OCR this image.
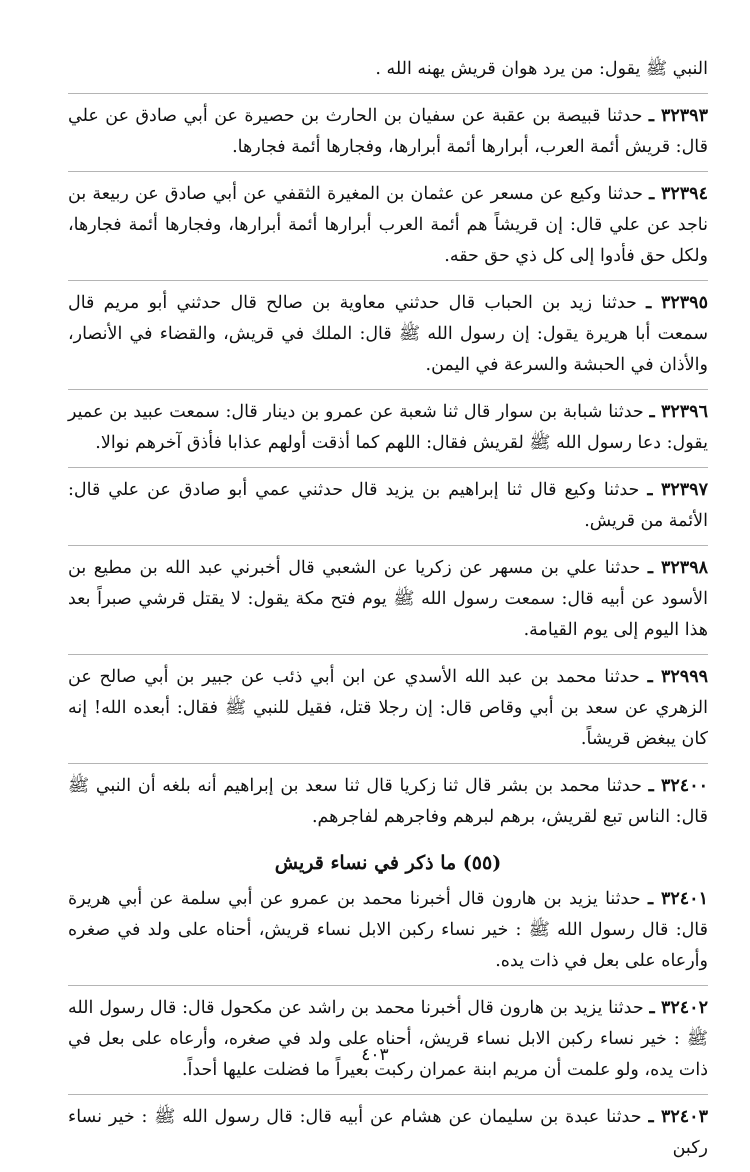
النبي ﷺ يقول: من يرد هوان قريش يهنه الله .

٣٢٣٩٣ ـ حدثنا قبيصة بن عقبة عن سفيان بن الحارث بن حصيرة عن أبي صادق عن علي قال: قريش أئمة العرب، أبرارها أئمة أبرارها، وفجارها أئمة فجارها.

٣٢٣٩٤ ـ حدثنا وكيع عن مسعر عن عثمان بن المغيرة الثقفي عن أبي صادق عن ربيعة بن ناجد عن علي قال: إن قريشاً هم أئمة العرب أبرارها أئمة أبرارها، وفجارها أئمة فجارها، ولكل حق فأدوا إلى كل ذي حق حقه.

٣٢٣٩٥ ـ حدثنا زيد بن الحباب قال حدثني معاوية بن صالح قال حدثني أبو مريم قال سمعت أبا هريرة يقول: إن رسول الله ﷺ قال: الملك في قريش، والقضاء في الأنصار، والأذان في الحبشة والسرعة في اليمن.

٣٢٣٩٦ ـ حدثنا شبابة بن سوار قال ثنا شعبة عن عمرو بن دينار قال: سمعت عبيد بن عمير يقول: دعا رسول الله ﷺ لقريش فقال: اللهم كما أذقت أولهم عذابا فأذق آخرهم نوالا.

٣٢٣٩٧ ـ حدثنا وكيع قال ثنا إبراهيم بن يزيد قال حدثني عمي أبو صادق عن علي قال: الأئمة من قريش.

٣٢٣٩٨ ـ حدثنا علي بن مسهر عن زكريا عن الشعبي قال أخبرني عبد الله بن مطيع بن الأسود عن أبيه قال: سمعت رسول الله ﷺ يوم فتح مكة يقول: لا يقتل قرشي صبراً بعد هذا اليوم إلى يوم القيامة.

٣٢٩٩٩ ـ حدثنا محمد بن عبد الله الأسدي عن ابن أبي ذئب عن جبير بن أبي صالح عن الزهري عن سعد بن أبي وقاص قال: إن رجلا قتل، فقيل للنبي ﷺ فقال: أبعده الله! إنه كان يبغض قريشاً.

٣٢٤٠٠ ـ حدثنا محمد بن بشر قال ثنا زكريا قال ثنا سعد بن إبراهيم أنه بلغه أن النبي ﷺ قال: الناس تبع لقريش، برهم لبرهم وفاجرهم لفاجرهم.

(٥٥) ما ذكر في نساء قريش

٣٢٤٠١ ـ حدثنا يزيد بن هارون قال أخبرنا محمد بن عمرو عن أبي سلمة عن أبي هريرة قال: قال رسول الله ﷺ : خير نساء ركبن الابل نساء قريش، أحناه على ولد في صغره وأرعاه على بعل في ذات يده.

٣٢٤٠٢ ـ حدثنا يزيد بن هارون قال أخبرنا محمد بن راشد عن مكحول قال: قال رسول الله ﷺ : خير نساء ركبن الابل نساء قريش، أحناه على ولد في صغره، وأرعاه على بعل في ذات يده، ولو علمت أن مريم ابنة عمران ركبت بعيراً ما فضلت عليها أحداً.

٣٢٤٠٣ ـ حدثنا عبدة بن سليمان عن هشام عن أبيه قال: قال رسول الله ﷺ : خير نساء ركبن

٤٠٣
